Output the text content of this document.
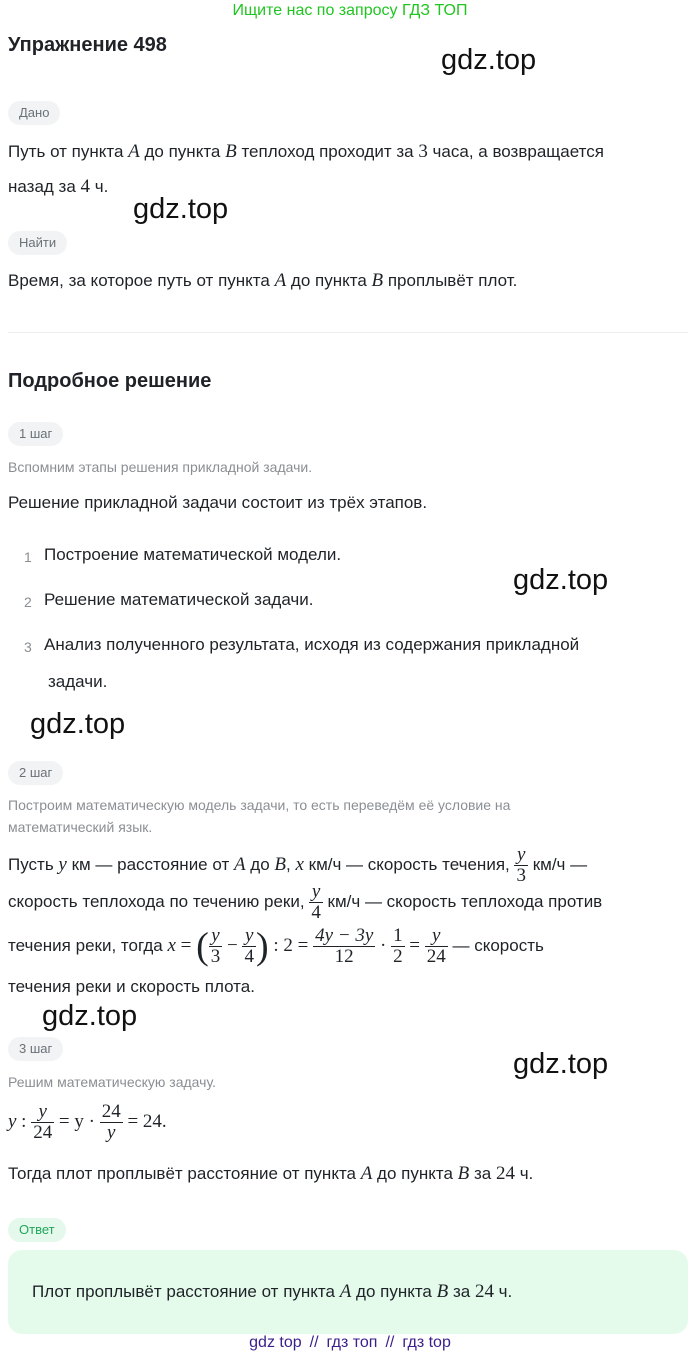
Ищите нас по запросу ГДЗ ТОП
Упражнение 498	gdz.top
gdz.top
gdz.top
gdz.top
gdz.top
gdz.top
Дано
Путь от пункта A до пункта B теплоход проходит за 3 часа, а возвращается
назад за 4 ч.
Найти
Время, за которое путь от пункта A до пункта B проплывёт плот.
Подробное решение
1 шаг
Вспомним этапы решения прикладной задачи.
Решение прикладной задачи состоит из трёх этапов.
1 Построение математической модели.
2 Решение математической задачи.
3 Анализ полученного результата, исходя из содержания прикладной
задачи.
2 шаг
Построим математическую модель задачи, то есть переведём её условие на
математический язык.
Пусть y км — расстояние от A до B, x км/ч — скорость течения, $\frac{y}{3} км/ч$ —
скорость теплохода по течению реки, $\frac{y}{4} км/ч$ — скорость теплохода против
течения реки, тогда x = ( $\frac{y}{3} - \frac{y}{4}$ ) : $2 = \frac{4y - 3y}{12} \cdot \frac{1}{2} = \frac{y}{24}$ — скорость
течения реки и скорость плота.
3 шаг
Решим математическую задачу.
y : $\frac{y}{24} = y \cdot \frac{24}{y} = 24$.
Тогда плот проплывёт расстояние от пункта A до пункта B за 24 ч.
Ответ
Плот проплывёт расстояние от пункта A до пункта B за 24 ч.
gdz top // гдз топ // гдз top
